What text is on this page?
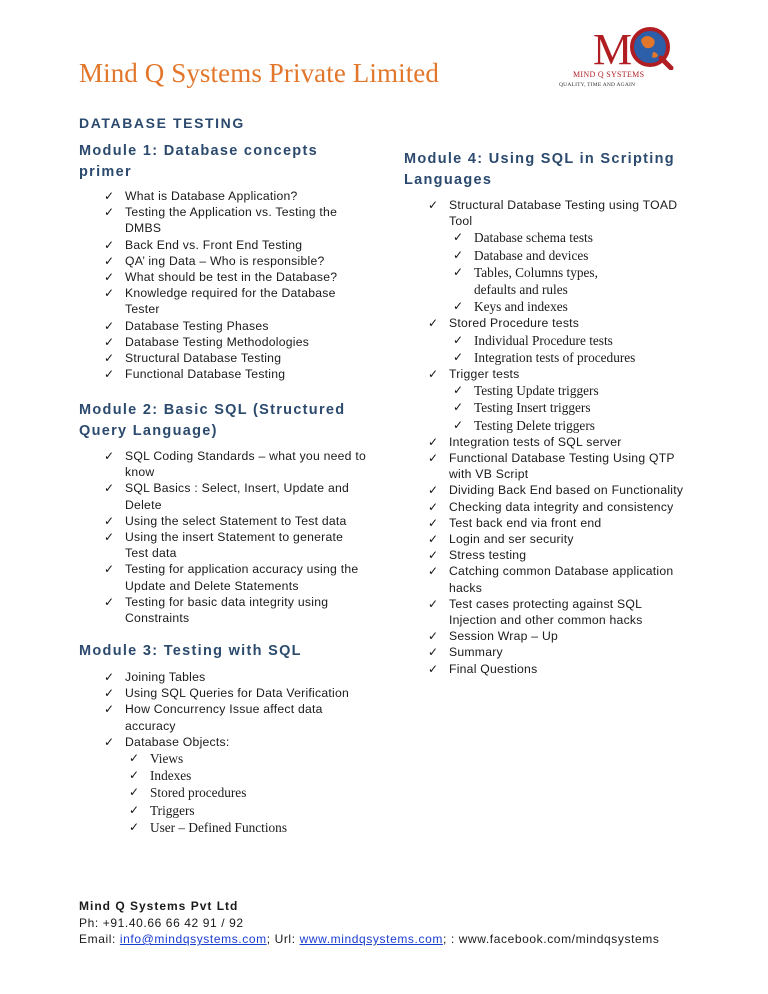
Mind Q Systems Private Limited	M
MIND Q SYSTEMS
QUALITY, TIME AND AGAIN
DATABASE TESTING
Module 1: Database concepts primer
✓ What is Database Application?
✓ Testing the Application vs. Testing the DMBS
✓ Back End vs. Front End Testing
✓ QA’ ing Data – Who is responsible?
✓ What should be test in the Database?
✓ Knowledge required for the Database Tester
✓ Database Testing Phases
✓ Database Testing Methodologies
✓ Structural Database Testing
✓ Functional Database Testing
Module 2: Basic SQL (Structured Query Language)
✓ SQL Coding Standards – what you need to know
✓ SQL Basics : Select, Insert, Update and Delete
✓ Using the select Statement to Test data
✓ Using the insert Statement to generate Test data
✓ Testing for application accuracy using the Update and Delete Statements
✓ Testing for basic data integrity using Constraints
Module 3: Testing with SQL
✓ Joining Tables
✓ Using SQL Queries for Data Verification
✓ How Concurrency Issue affect data accuracy
✓ Database Objects:
✓ Views
✓ Indexes
✓ Stored procedures
✓ Triggers
✓ User – Defined Functions
Module 4: Using SQL in Scripting Languages
✓ Structural Database Testing using TOAD Tool
✓ Database schema tests
✓ Database and devices
✓ Tables, Columns types, defaults and rules
✓ Keys and indexes
✓ Stored Procedure tests
✓ Individual Procedure tests
✓ Integration tests of procedures
✓ Trigger tests
✓ Testing Update triggers
✓ Testing Insert triggers
✓ Testing Delete triggers
✓ Integration tests of SQL server
✓ Functional Database Testing Using QTP with VB Script
✓ Dividing Back End based on Functionality
✓ Checking data integrity and consistency
✓ Test back end via front end
✓ Login and ser security
✓ Stress testing
✓ Catching common Database application hacks
✓ Test cases protecting against SQL Injection and other common hacks
✓ Session Wrap – Up
✓ Summary
✓ Final Questions
Mind Q Systems Pvt Ltd
Ph: +91.40.66 66 42 91 / 92
Email: info@mindqsystems.com; Url: www.mindqsystems.com; : www.facebook.com/mindqsystems
